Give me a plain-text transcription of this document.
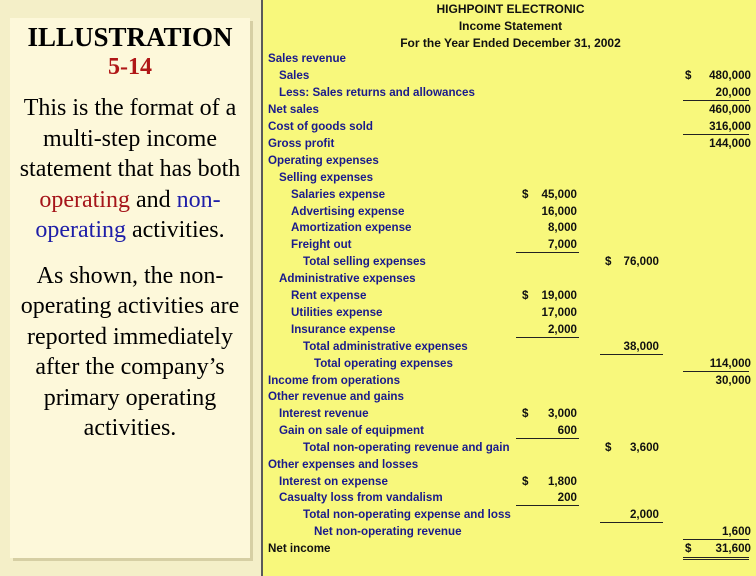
ILLUSTRATION
5-14

This is the format of a multi-step income statement that has both operating and non-operating activities.

As shown, the non-operating activities are reported immediately after the company’s primary operating activities.

HIGHPOINT ELECTRONIC
Income Statement
For the Year Ended December 31, 2002
Sales revenue
Sales	$ 480,000
Less: Sales returns and allowances	20,000
Net sales	460,000
Cost of goods sold	316,000
Gross profit	144,000
Operating expenses
Selling expenses
Salaries expense	$ 45,000
Advertising expense	16,000
Amortization expense	8,000
Freight out	7,000
Total selling expenses	$ 76,000
Administrative expenses
Rent expense	$ 19,000
Utilities expense	17,000
Insurance expense	2,000
Total administrative expenses	38,000
Total operating expenses	114,000
Income from operations	30,000
Other revenue and gains
Interest revenue	$ 3,000
Gain on sale of equipment	600
Total non-operating revenue and gain	$ 3,600
Other expenses and losses
Interest on expense	$ 1,800
Casualty loss from vandalism	200
Total non-operating expense and loss	2,000
Net non-operating revenue	1,600
Net income	$ 31,600
